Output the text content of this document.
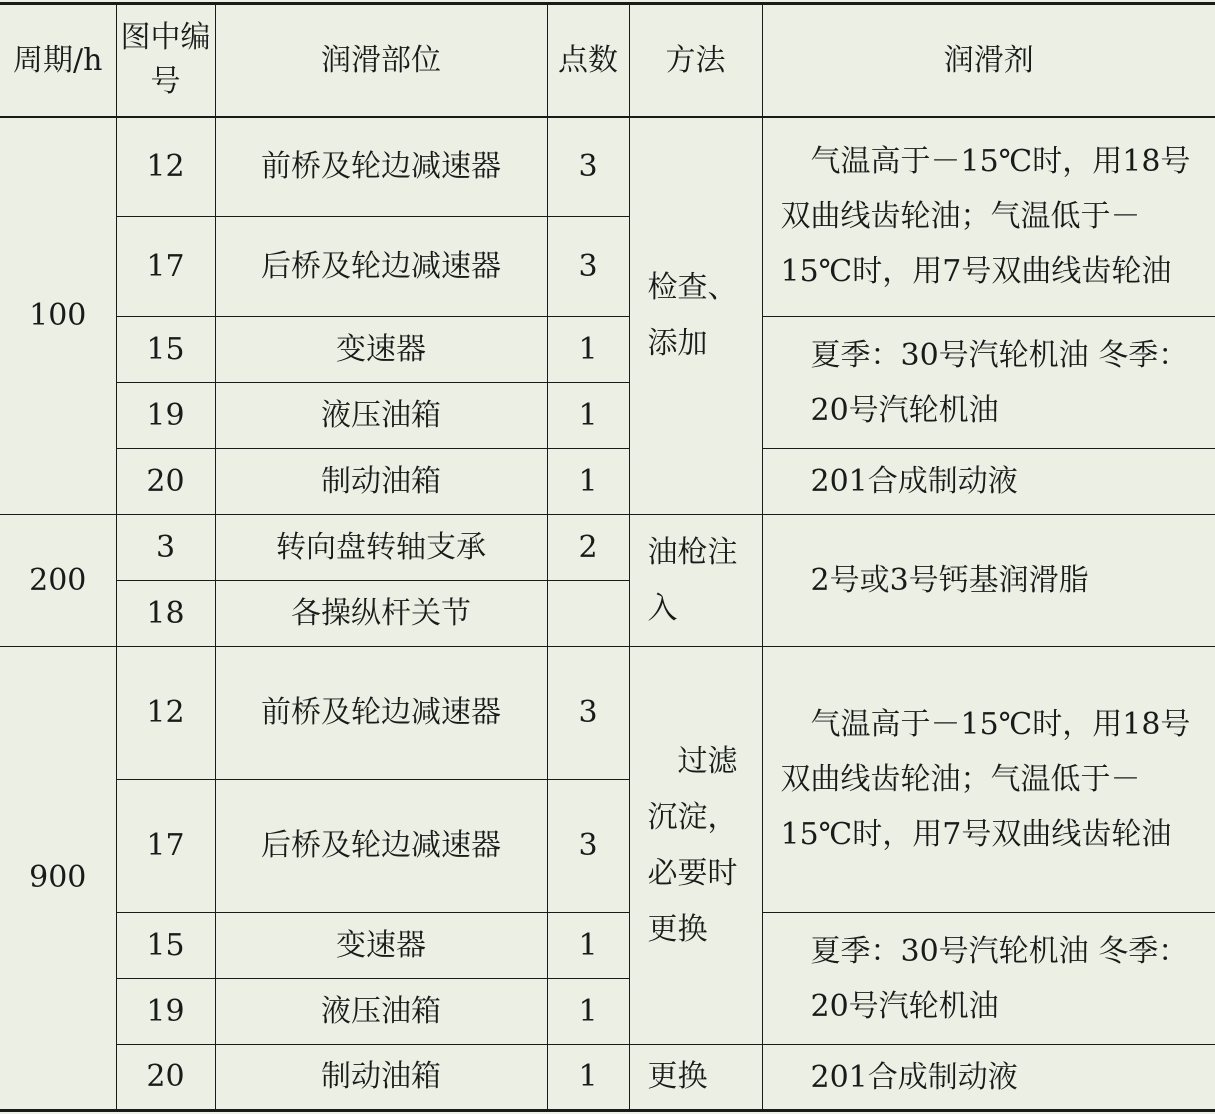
周期/h	图中编号	润滑部位	点数	方法	润滑剂
100	12	前桥及轮边减速器	3	检查、添加	气温高于－15℃时，用18号双曲线齿轮油；气温低于－15℃时，用7号双曲线齿轮油
	17	后桥及轮边减速器	3		
	15	变速器	1		夏季：30号汽轮机油 冬季：20号汽轮机油
	19	液压油箱	1		
	20	制动油箱	1		201合成制动液
200	3	转向盘转轴支承	2	油枪注入	2号或3号钙基润滑脂
	18	各操纵杆关节			
900	12	前桥及轮边减速器	3	过滤沉淀，必要时更换	气温高于－15℃时，用18号双曲线齿轮油；气温低于－15℃时，用7号双曲线齿轮油
	17	后桥及轮边减速器	3		
	15	变速器	1		夏季：30号汽轮机油 冬季：20号汽轮机油
	19	液压油箱	1		
	20	制动油箱	1	更换	201合成制动液
